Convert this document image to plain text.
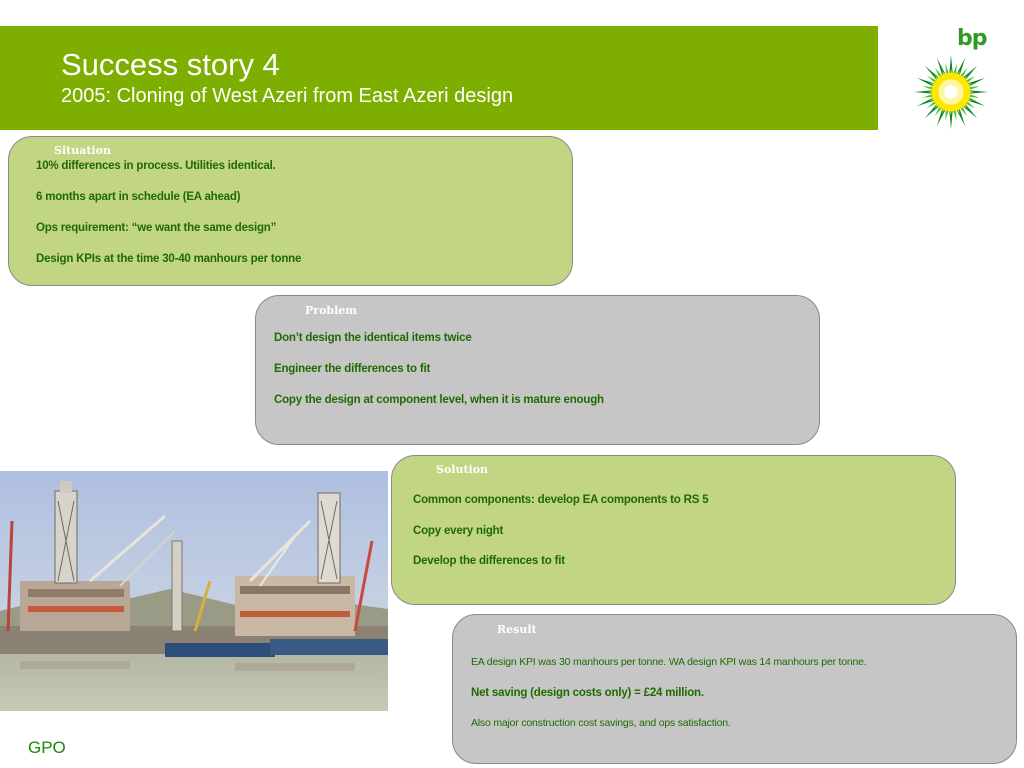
Success story 4
2005: Cloning of West Azeri from East Azeri design
bp
Situation
10% differences in process. Utilities identical.
6 months apart in schedule (EA ahead)
Ops requirement: “we want the same design”
Design KPIs at the time 30-40 manhours per tonne
Problem
Don’t design the identical items twice
Engineer the differences to fit
Copy the design at component level, when it is mature enough
Solution
Common components: develop EA components to RS 5
Copy every night
Develop the differences to fit
Result
EA design KPI was 30 manhours per tonne. WA design KPI was 14 manhours per tonne.
Net saving (design costs only) = £24 million.
Also major construction cost savings, and ops satisfaction.
GPO
